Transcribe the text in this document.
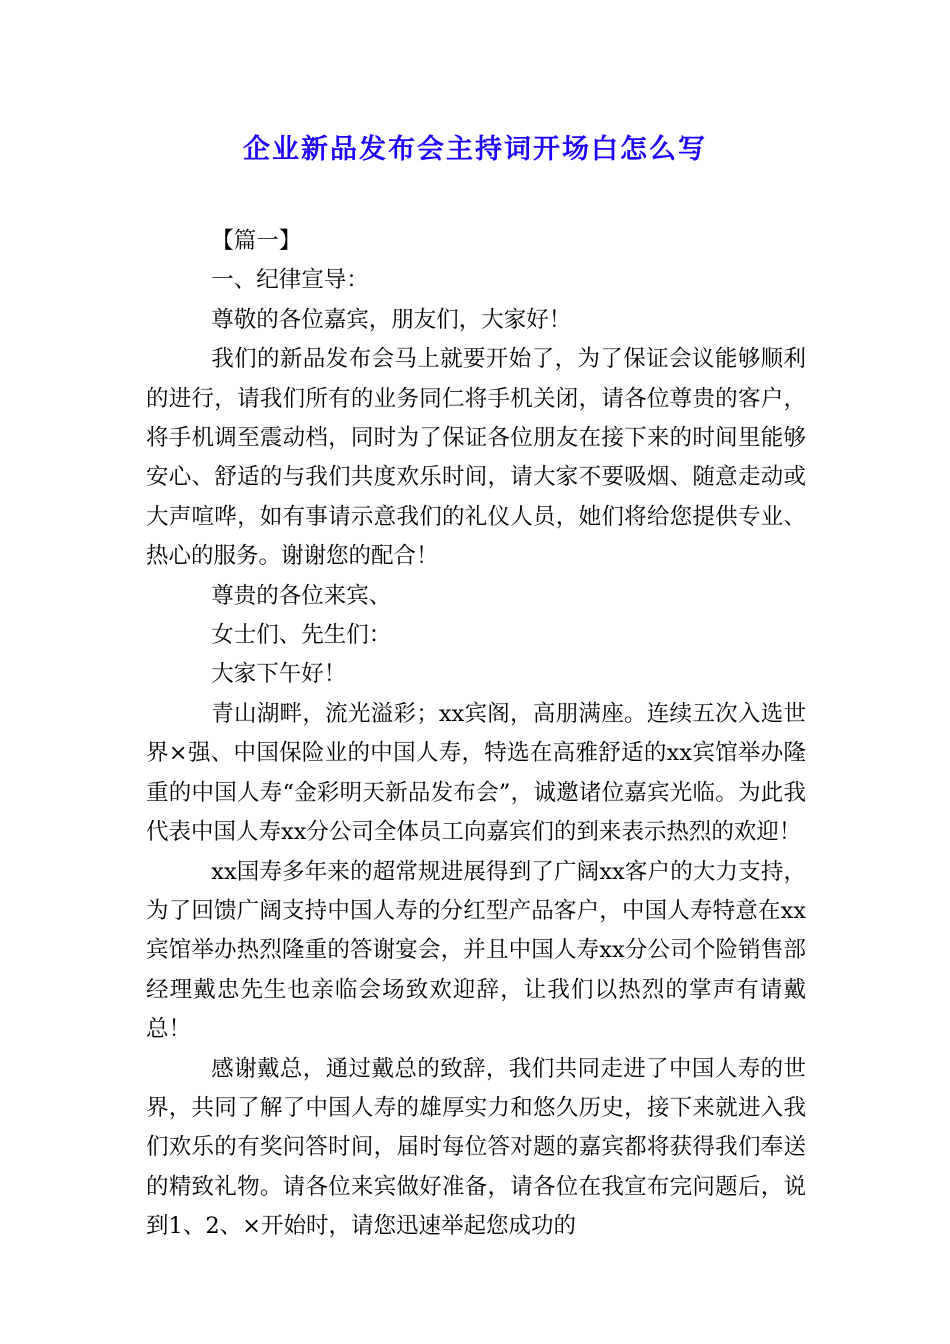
企业新品发布会主持词开场白怎么写

【篇一】

一、纪律宣导：

尊敬的各位嘉宾，朋友们，大家好！

我们的新品发布会马上就要开始了，为了保证会议能够顺利的进行，请我们所有的业务同仁将手机关闭，请各位尊贵的客户，将手机调至震动档，同时为了保证各位朋友在接下来的时间里能够安心、舒适的与我们共度欢乐时间，请大家不要吸烟、随意走动或大声喧哗，如有事请示意我们的礼仪人员，她们将给您提供专业、热心的服务。谢谢您的配合！

尊贵的各位来宾、

女士们、先生们：

大家下午好！

青山湖畔，流光溢彩；xx宾阁，高朋满座。连续五次入选世界×强、中国保险业的中国人寿，特选在高雅舒适的xx宾馆举办隆重的中国人寿“金彩明天新品发布会”，诚邀诸位嘉宾光临。为此我代表中国人寿xx分公司全体员工向嘉宾们的到来表示热烈的欢迎！

xx国寿多年来的超常规进展得到了广阔xx客户的大力支持，为了回馈广阔支持中国人寿的分红型产品客户，中国人寿特意在xx宾馆举办热烈隆重的答谢宴会，并且中国人寿xx分公司个险销售部经理戴忠先生也亲临会场致欢迎辞，让我们以热烈的掌声有请戴总！

感谢戴总，通过戴总的致辞，我们共同走进了中国人寿的世界，共同了解了中国人寿的雄厚实力和悠久历史，接下来就进入我们欢乐的有奖问答时间，届时每位答对题的嘉宾都将获得我们奉送的精致礼物。请各位来宾做好准备，请各位在我宣布完问题后，说到1、2、×开始时，请您迅速举起您成功的
